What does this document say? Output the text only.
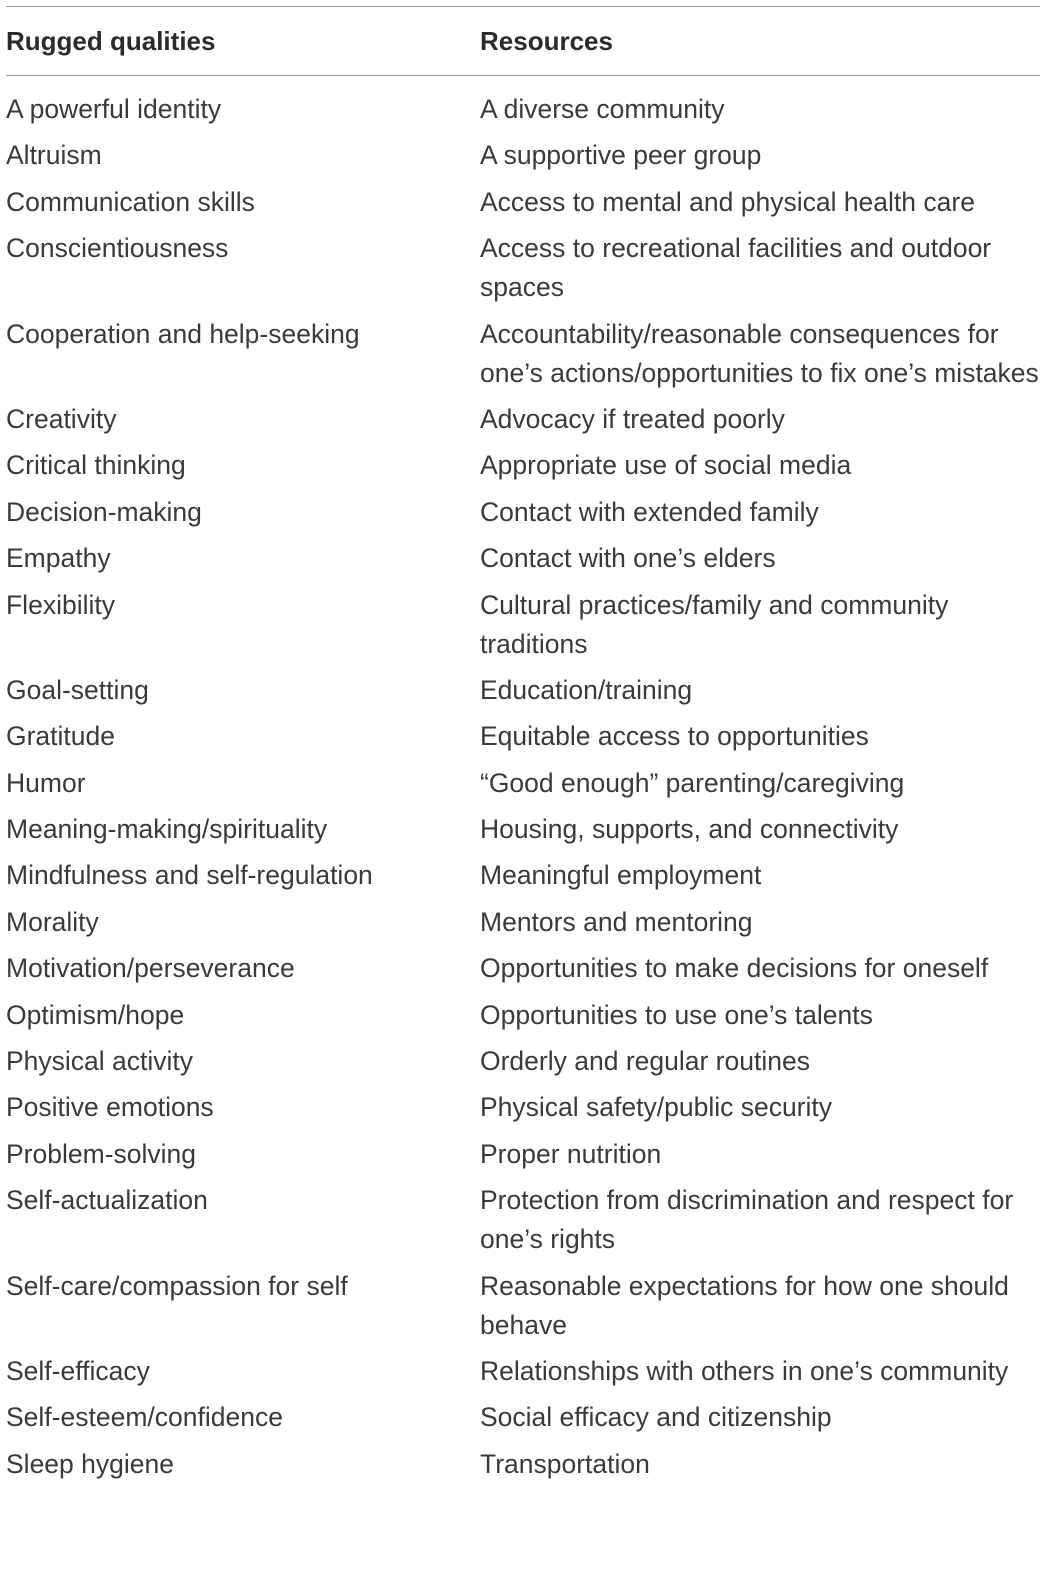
Rugged qualities	Resources
A powerful identity	A diverse community
Altruism	A supportive peer group
Communication skills	Access to mental and physical health care
Conscientiousness	Access to recreational facilities and outdoor spaces
Cooperation and help-seeking	Accountability/reasonable consequences for one’s actions/opportunities to fix one’s mistakes
Creativity	Advocacy if treated poorly
Critical thinking	Appropriate use of social media
Decision-making	Contact with extended family
Empathy	Contact with one’s elders
Flexibility	Cultural practices/family and community traditions
Goal-setting	Education/training
Gratitude	Equitable access to opportunities
Humor	“Good enough” parenting/caregiving
Meaning-making/spirituality	Housing, supports, and connectivity
Mindfulness and self-regulation	Meaningful employment
Morality	Mentors and mentoring
Motivation/perseverance	Opportunities to make decisions for oneself
Optimism/hope	Opportunities to use one’s talents
Physical activity	Orderly and regular routines
Positive emotions	Physical safety/public security
Problem-solving	Proper nutrition
Self-actualization	Protection from discrimination and respect for one’s rights
Self-care/compassion for self	Reasonable expectations for how one should behave
Self-efficacy	Relationships with others in one’s community
Self-esteem/confidence	Social efficacy and citizenship
Sleep hygiene	Transportation
